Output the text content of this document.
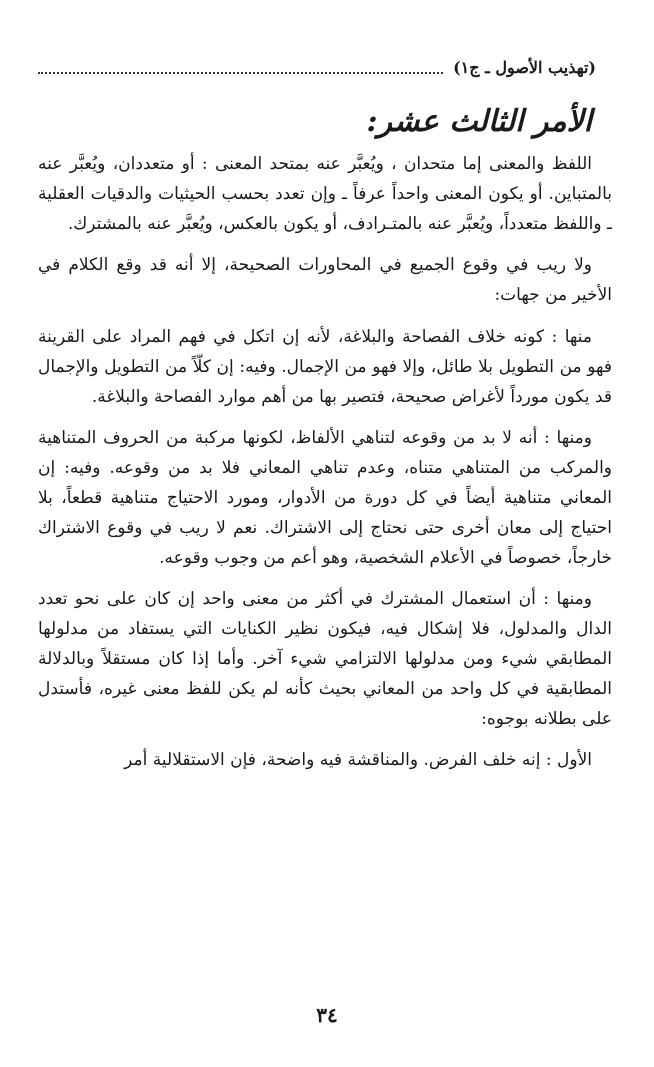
(تهذيب الأصول ـ ج١)
الأمر الثالث عشر:

اللفظ والمعنى إما متحدان ، ويُعبَّر عنه بمتحد المعنى : أو متعددان، ويُعبَّر عنه بالمتباين. أو يكون المعنى واحداً عرفاً ـ وإن تعدد بحسب الحيثيات والدقيات العقلية ـ واللفظ متعدداً، ويُعبَّر عنه بالمتـرادف، أو يكون بالعكس، ويُعبَّر عنه بالمشترك.

ولا ريب في وقوع الجميع في المحاورات الصحيحة، إلا أنه قد وقع الكلام في الأخير من جهات:

منها : كونه خلاف الفصاحة والبلاغة، لأنه إن اتكل في فهم المراد على القرينة فهو من التطويل بلا طائل، وإلا فهو من الإجمال. وفيه: إن كلّاً من التطويل والإجمال قد يكون مورداً لأغراض صحيحة، فتصير بها من أهم موارد الفصاحة والبلاغة.

ومنها : أنه لا بد من وقوعه لتناهي الألفاظ، لكونها مركبة من الحروف المتناهية والمركب من المتناهي متناه، وعدم تناهي المعاني فلا بد من وقوعه. وفيه: إن المعاني متناهية أيضاً في كل دورة من الأدوار، ومورد الاحتياج متناهية قطعاً، بلا احتياج إلى معان أخرى حتى نحتاج إلى الاشتراك. نعم لا ريب في وقوع الاشتراك خارجاً، خصوصاً في الأعلام الشخصية، وهو أعم من وجوب وقوعه.

ومنها : أن استعمال المشترك في أكثر من معنى واحد إن كان على نحو تعدد الدال والمدلول، فلا إشكال فيه، فيكون نظير الكنايات التي يستفاد من مدلولها المطابقي شيء ومن مدلولها الالتزامي شيء آخر. وأما إذا كان مستقلاً وبالدلالة المطابقية في كل واحد من المعاني بحيث كأنه لم يكن للفظ معنى غيره، فأستدل على بطلانه بوجوه:

الأول : إنه خلف الفرض. والمناقشة فيه واضحة، فإن الاستقلالية أمر

٣٤
